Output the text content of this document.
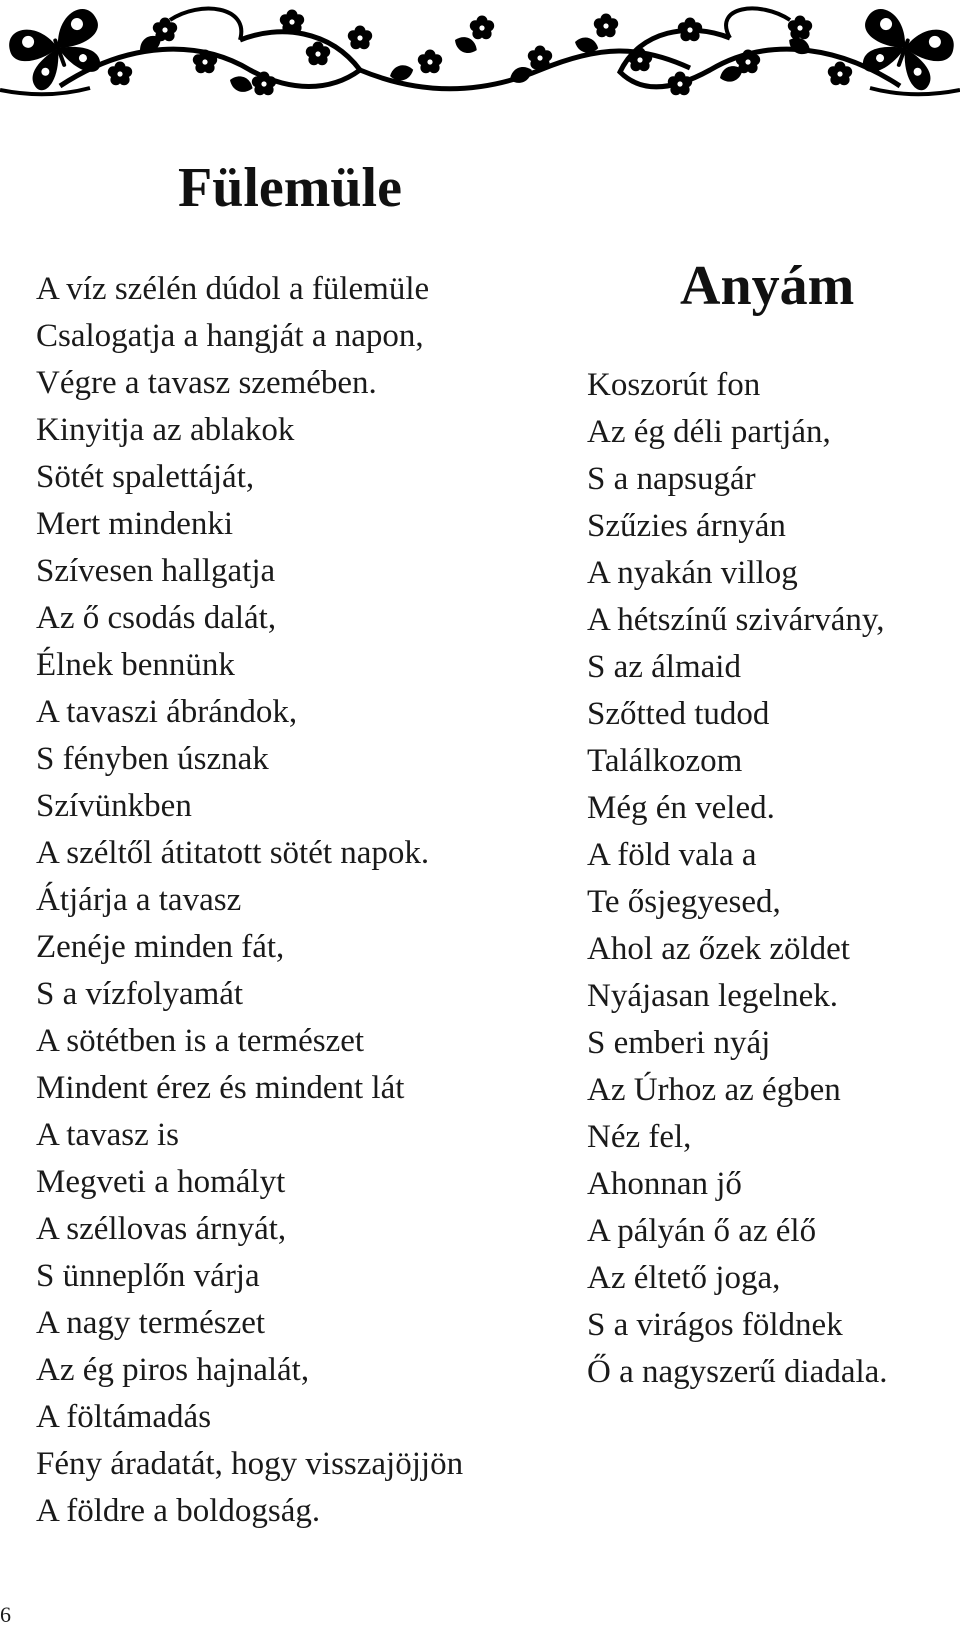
Fülemüle
A víz szélén dúdol a fülemüle
Csalogatja a hangját a napon,
Végre a tavasz szemében.
Kinyitja az ablakok
Sötét spalettáját,
Mert mindenki
Szívesen hallgatja
Az ő csodás dalát,
Élnek bennünk
A tavaszi ábrándok,
S fényben úsznak
Szívünkben
A széltől átitatott sötét napok.
Átjárja a tavasz
Zenéje minden fát,
S a vízfolyamát
A sötétben is a természet
Mindent érez és mindent lát
A tavasz is
Megveti a homályt
A széllovas árnyát,
S ünneplőn várja
A nagy természet
Az ég piros hajnalát,
A föltámadás
Fény áradatát, hogy visszajöjjön
A földre a boldogság.
Anyám
Koszorút fon
Az ég déli partján,
S a napsugár
Szűzies árnyán
A nyakán villog
A hétszínű szivárvány,
S az álmaid
Szőtted tudod
Találkozom
Még én veled.
A föld vala a
Te ősjegyesed,
Ahol az őzek zöldet
Nyájasan legelnek.
S emberi nyáj
Az Úrhoz az égben
Néz fel,
Ahonnan jő
A pályán ő az élő
Az éltető joga,
S a virágos földnek
Ő a nagyszerű diadala.
6
